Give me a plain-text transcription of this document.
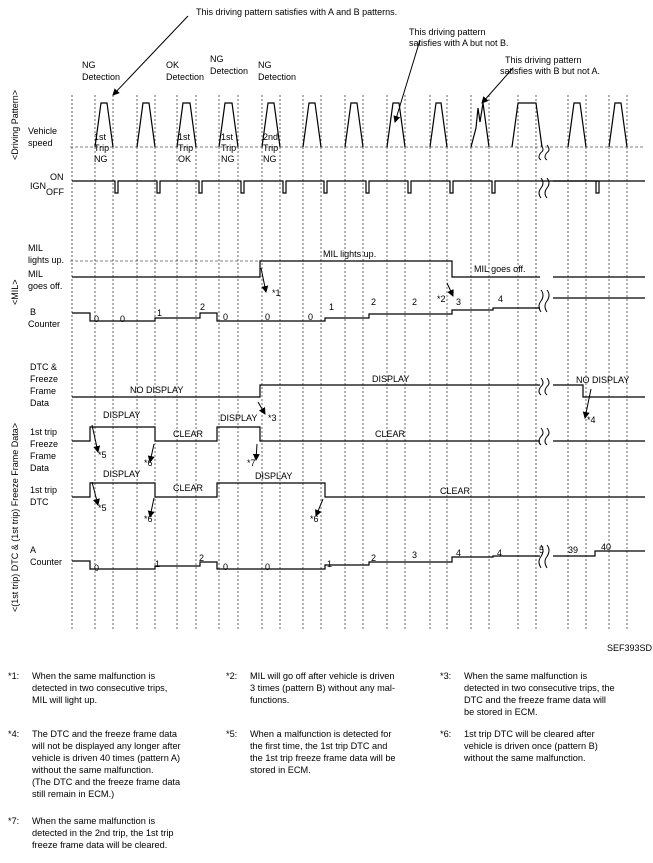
This driving pattern satisfies with A and B patterns.
This driving pattern
satisfies with A but not B.
This driving pattern
satisfies with B but not A.
NG
Detection
OK
Detection
NG
Detection
NG
Detection
<Driving Pattern>
<MIL>
<(1st trip) DTC & (1st trip) Freeze Frame Data>
Vehicle
speed
IGN
ON
OFF
MIL
lights up.
MIL
goes off.
B
Counter
DTC &
Freeze
Frame
Data
1st trip
Freeze
Frame
Data
1st trip
DTC
A
Counter
1st
Trip
NG
1st
Trip
OK
1st
Trip
NG
2nd
Trip
NG
MIL lights up.
MIL goes off.
0 0
1
2
0	0	0
1	2	2	3	4
NO DISPLAY
DISPLAY	NO DISPLAY
DISPLAY
CLEAR
DISPLAY
CLEAR
DISPLAY
CLEAR
DISPLAY
CLEAR
0	1
2
0	0	1
2	3	4	4	5	39	40
*1
*2
*3	*4
*5
*6	*7
*5
*6	*6
SEF393SD
*1: When the same malfunction is
detected in two consecutive trips,
MIL will light up.
*2: MIL will go off after vehicle is driven
3 times (pattern B) without any mal-
functions.
*3: When the same malfunction is
detected in two consecutive trips, the
DTC and the freeze frame data will
be stored in ECM.
*4: The DTC and the freeze frame data
will not be displayed any longer after
vehicle is driven 40 times (pattern A)
without the same malfunction.
(The DTC and the freeze frame data
still remain in ECM.)
*5: When a malfunction is detected for
the first time, the 1st trip DTC and
the 1st trip freeze frame data will be
stored in ECM.
*6: 1st trip DTC will be cleared after
vehicle is driven once (pattern B)
without the same malfunction.
*7: When the same malfunction is
detected in the 2nd trip, the 1st trip
freeze frame data will be cleared.
